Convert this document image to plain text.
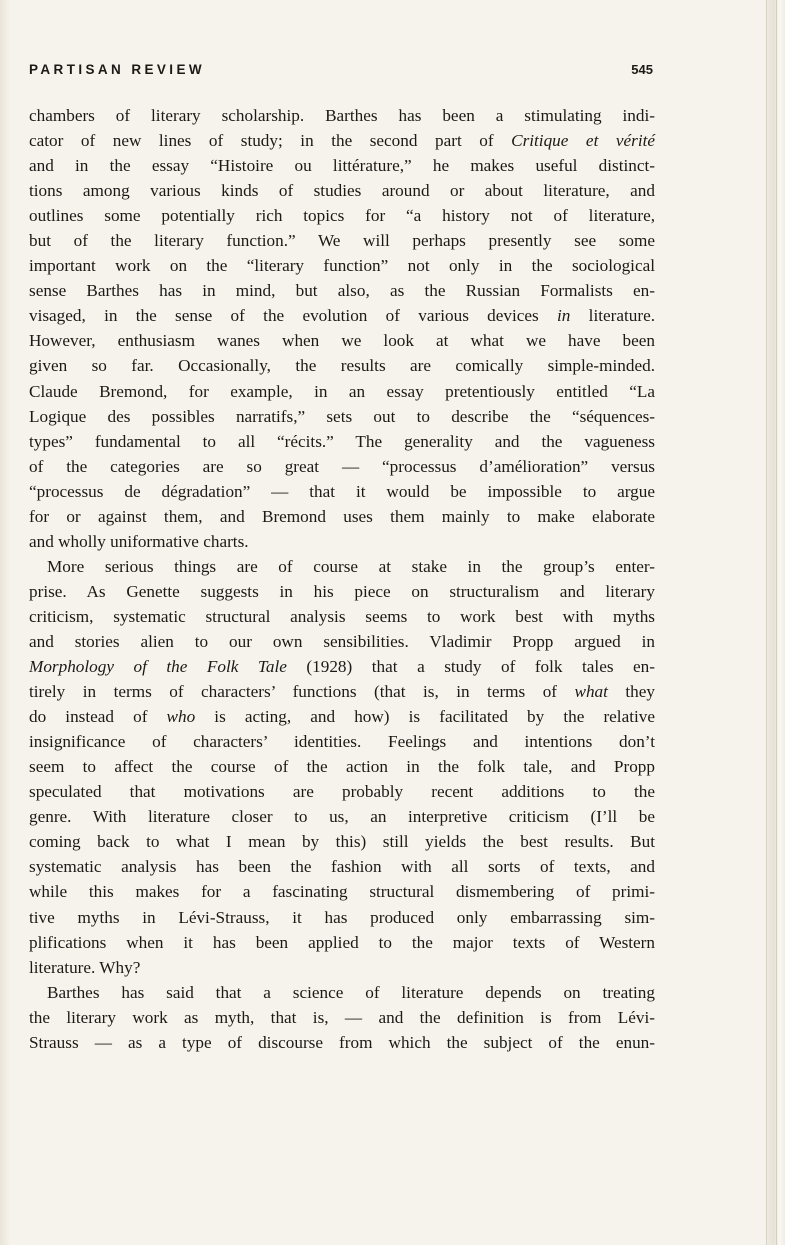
PARTISAN REVIEW	545
chambers of literary scholarship. Barthes has been a stimulating indi-
cator of new lines of study; in the second part of Critique et vérité
and in the essay “Histoire ou littérature,” he makes useful distinct-
tions among various kinds of studies around or about literature, and
outlines some potentially rich topics for “a history not of literature,
but of the literary function.” We will perhaps presently see some
important work on the “literary function” not only in the sociological
sense Barthes has in mind, but also, as the Russian Formalists en-
visaged, in the sense of the evolution of various devices in literature.
However, enthusiasm wanes when we look at what we have been
given so far. Occasionally, the results are comically simple-minded.
Claude Bremond, for example, in an essay pretentiously entitled “La
Logique des possibles narratifs,” sets out to describe the “séquences-
types” fundamental to all “récits.” The generality and the vagueness
of the categories are so great — “processus d’amélioration” versus
“processus de dégradation” — that it would be impossible to argue
for or against them, and Bremond uses them mainly to make elaborate
and wholly uniformative charts.
More serious things are of course at stake in the group’s enter-
prise. As Genette suggests in his piece on structuralism and literary
criticism, systematic structural analysis seems to work best with myths
and stories alien to our own sensibilities. Vladimir Propp argued in
Morphology of the Folk Tale (1928) that a study of folk tales en-
tirely in terms of characters’ functions (that is, in terms of what they
do instead of who is acting, and how) is facilitated by the relative
insignificance of characters’ identities. Feelings and intentions don’t
seem to affect the course of the action in the folk tale, and Propp
speculated that motivations are probably recent additions to the
genre. With literature closer to us, an interpretive criticism (I’ll be
coming back to what I mean by this) still yields the best results. But
systematic analysis has been the fashion with all sorts of texts, and
while this makes for a fascinating structural dismembering of primi-
tive myths in Lévi-Strauss, it has produced only embarrassing sim-
plifications when it has been applied to the major texts of Western
literature. Why?
Barthes has said that a science of literature depends on treating
the literary work as myth, that is, — and the definition is from Lévi-
Strauss — as a type of discourse from which the subject of the enun-
